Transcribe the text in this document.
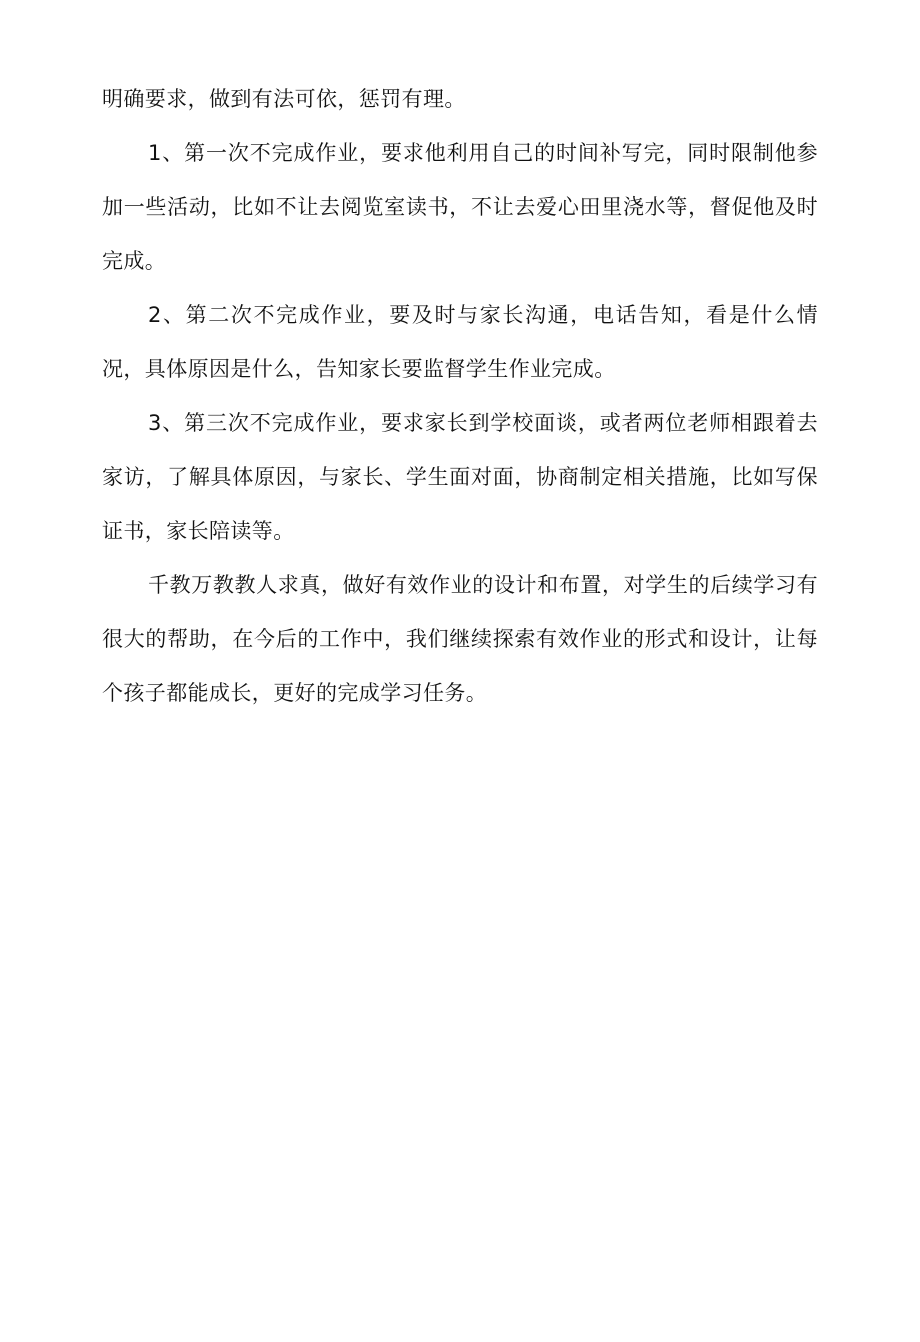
明确要求，做到有法可依，惩罚有理。

1、第一次不完成作业，要求他利用自己的时间补写完，同时限制他参加一些活动，比如不让去阅览室读书，不让去爱心田里浇水等，督促他及时完成。

2、第二次不完成作业，要及时与家长沟通，电话告知，看是什么情况，具体原因是什么，告知家长要监督学生作业完成。

3、第三次不完成作业，要求家长到学校面谈，或者两位老师相跟着去家访，了解具体原因，与家长、学生面对面，协商制定相关措施，比如写保证书，家长陪读等。

千教万教教人求真，做好有效作业的设计和布置，对学生的后续学习有很大的帮助，在今后的工作中，我们继续探索有效作业的形式和设计，让每个孩子都能成长，更好的完成学习任务。
